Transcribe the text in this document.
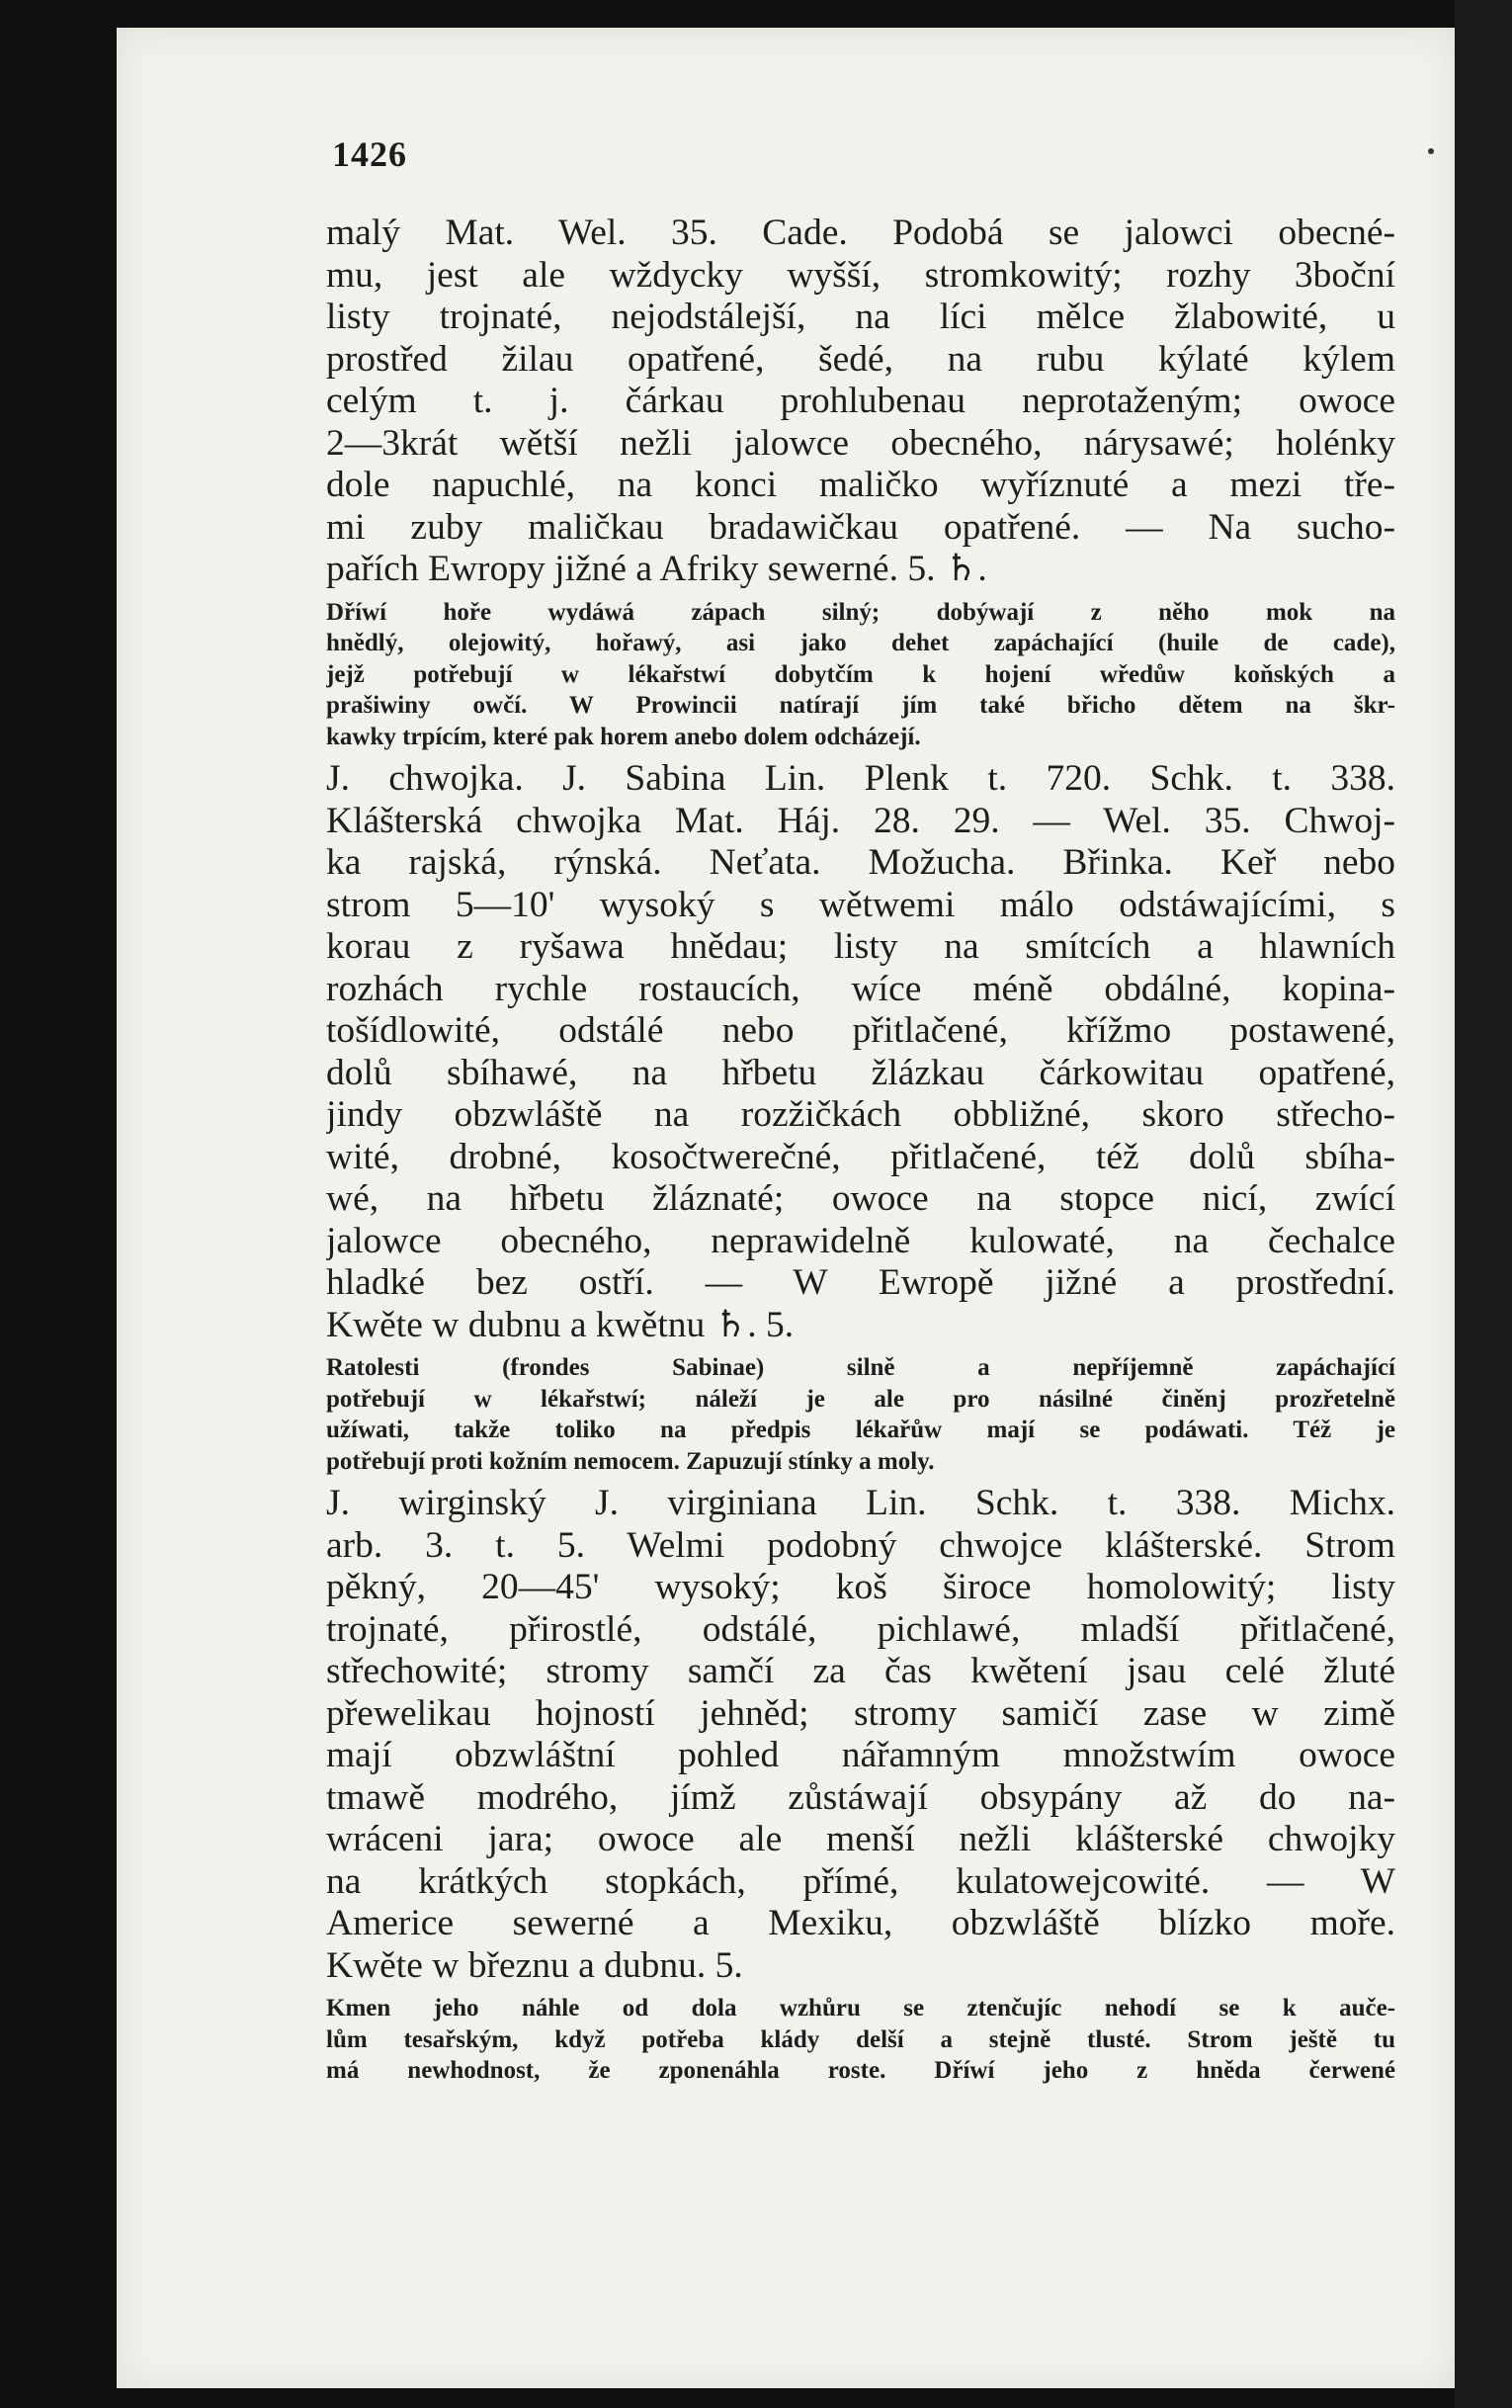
1426
malý Mat. Wel. 35. Cade. Podobá se jalowci obecné-
mu, jest ale wždycky wyšší, stromkowitý; rozhy 3boční
listy trojnaté, nejodstálejší, na líci mělce žlabowité, u
prostřed žilau opatřené, šedé, na rubu kýlaté kýlem
celým t. j. čárkau prohlubenau neprotaženým; owoce
2—3krát wětší nežli jalowce obecného, nárysawé; holénky
dole napuchlé, na konci maličko wyříznuté a mezi tře-
mi zuby maličkau bradawičkau opatřené. — Na sucho-
pařích Ewropy jižné a Afriky sewerné. 5. ♄.
Dříwí hoře wydáwá zápach silný; dobýwají z něho mok na
hnědlý, olejowitý, hořawý, asi jako dehet zapáchající (huile de cade),
jejž potřebují w lékařstwí dobytčím k hojení wředůw koňských a
prašiwiny owčí. W Prowincii natírají jím také břicho dětem na škr-
kawky trpícím, které pak horem anebo dolem odcházejí.
J. chwojka. J. Sabina Lin. Plenk t. 720. Schk. t. 338.
Klášterská chwojka Mat. Háj. 28. 29. — Wel. 35. Chwoj-
ka rajská, rýnská. Neťata. Možucha. Břinka. Keř nebo
strom 5—10' wysoký s wětwemi málo odstáwajícími, s
korau z ryšawa hnědau; listy na smítcích a hlawních
rozhách rychle rostaucích, wíce méně obdálné, kopina-
tošídlowité, odstálé nebo přitlačené, křížmo postawené,
dolů sbíhawé, na hřbetu žlázkau čárkowitau opatřené,
jindy obzwláště na rozžičkách obbližné, skoro střecho-
wité, drobné, kosočtwerečné, přitlačené, též dolů sbíha-
wé, na hřbetu žláznaté; owoce na stopce nicí, zwící
jalowce obecného, neprawidelně kulowaté, na čechalce
hladké bez ostří. — W Ewropě jižné a prostřední.
Kwěte w dubnu a kwětnu ♄. 5.
Ratolesti (frondes Sabinae) silně a nepříjemně zapáchající
potřebují w lékařstwí; náleží je ale pro násilné činěnj prozřetelně
užíwati, takže toliko na předpis lékařůw mají se podáwati. Též je
potřebují proti kožním nemocem. Zapuzují stínky a moly.
J. wirginský J. virginiana Lin. Schk. t. 338. Michx.
arb. 3. t. 5. Welmi podobný chwojce klášterské. Strom
pěkný, 20—45' wysoký; koš široce homolowitý; listy
trojnaté, přirostlé, odstálé, pichlawé, mladší přitlačené,
střechowité; stromy samčí za čas kwětení jsau celé žluté
přewelikau hojností jehněd; stromy samičí zase w zimě
mají obzwláštní pohled nářamným množstwím owoce
tmawě modrého, jímž zůstáwají obsypány až do na-
wráceni jara; owoce ale menší nežli klášterské chwojky
na krátkých stopkách, přímé, kulatowejcowité. — W
Americe sewerné a Mexiku, obzwláště blízko moře.
Kwěte w březnu a dubnu. 5.
Kmen jeho náhle od dola wzhůru se ztenčujíc nehodí se k auče-
lům tesařským, když potřeba klády delší a stejně tlusté. Strom ještě tu
má newhodnost, že zponenáhla roste. Dříwí jeho z hněda čerwené
